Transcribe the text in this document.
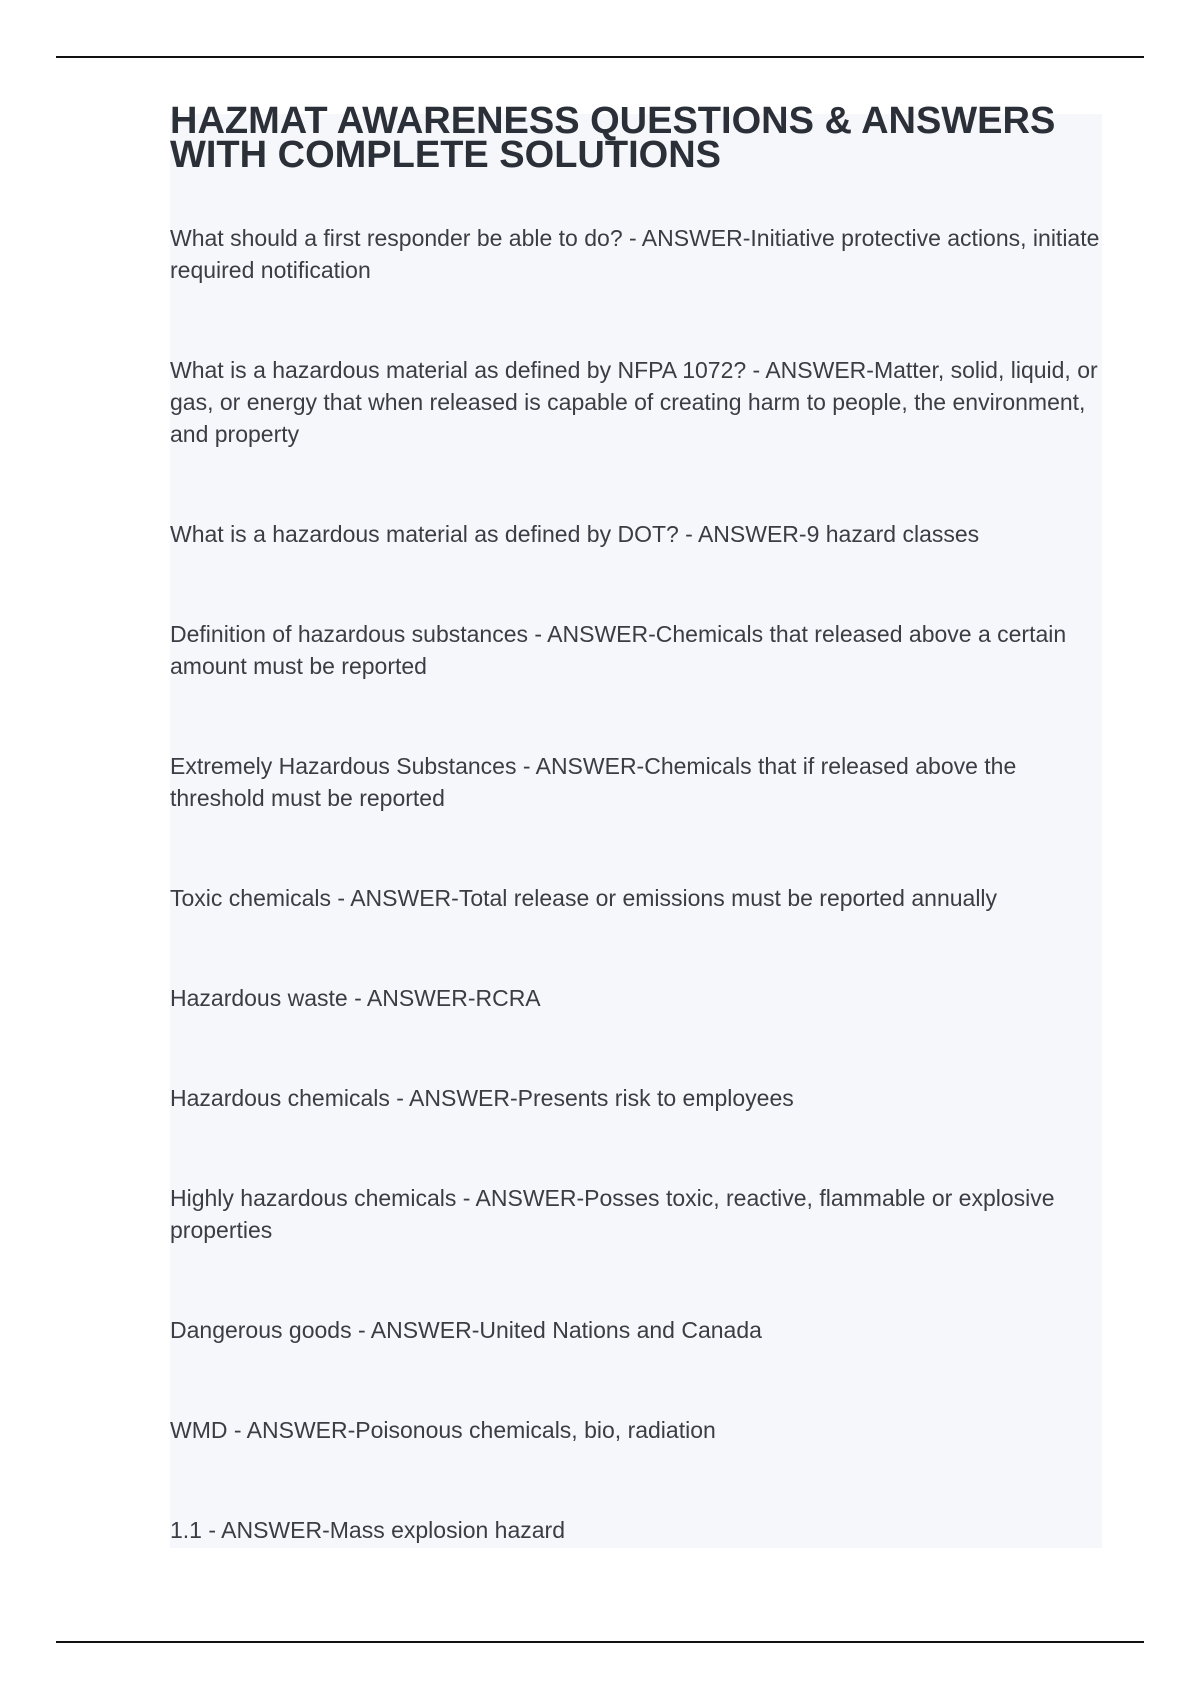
HAZMAT AWARENESS QUESTIONS & ANSWERS WITH COMPLETE SOLUTIONS
What should a first responder be able to do? - ANSWER-Initiative protective actions, initiate required notification
What is a hazardous material as defined by NFPA 1072? - ANSWER-Matter, solid, liquid, or gas, or energy that when released is capable of creating harm to people, the environment, and property
What is a hazardous material as defined by DOT? - ANSWER-9 hazard classes
Definition of hazardous substances - ANSWER-Chemicals that released above a certain amount must be reported
Extremely Hazardous Substances - ANSWER-Chemicals that if released above the threshold must be reported
Toxic chemicals - ANSWER-Total release or emissions must be reported annually
Hazardous waste - ANSWER-RCRA
Hazardous chemicals - ANSWER-Presents risk to employees
Highly hazardous chemicals - ANSWER-Posses toxic, reactive, flammable or explosive properties
Dangerous goods - ANSWER-United Nations and Canada
WMD - ANSWER-Poisonous chemicals, bio, radiation
1.1 - ANSWER-Mass explosion hazard
